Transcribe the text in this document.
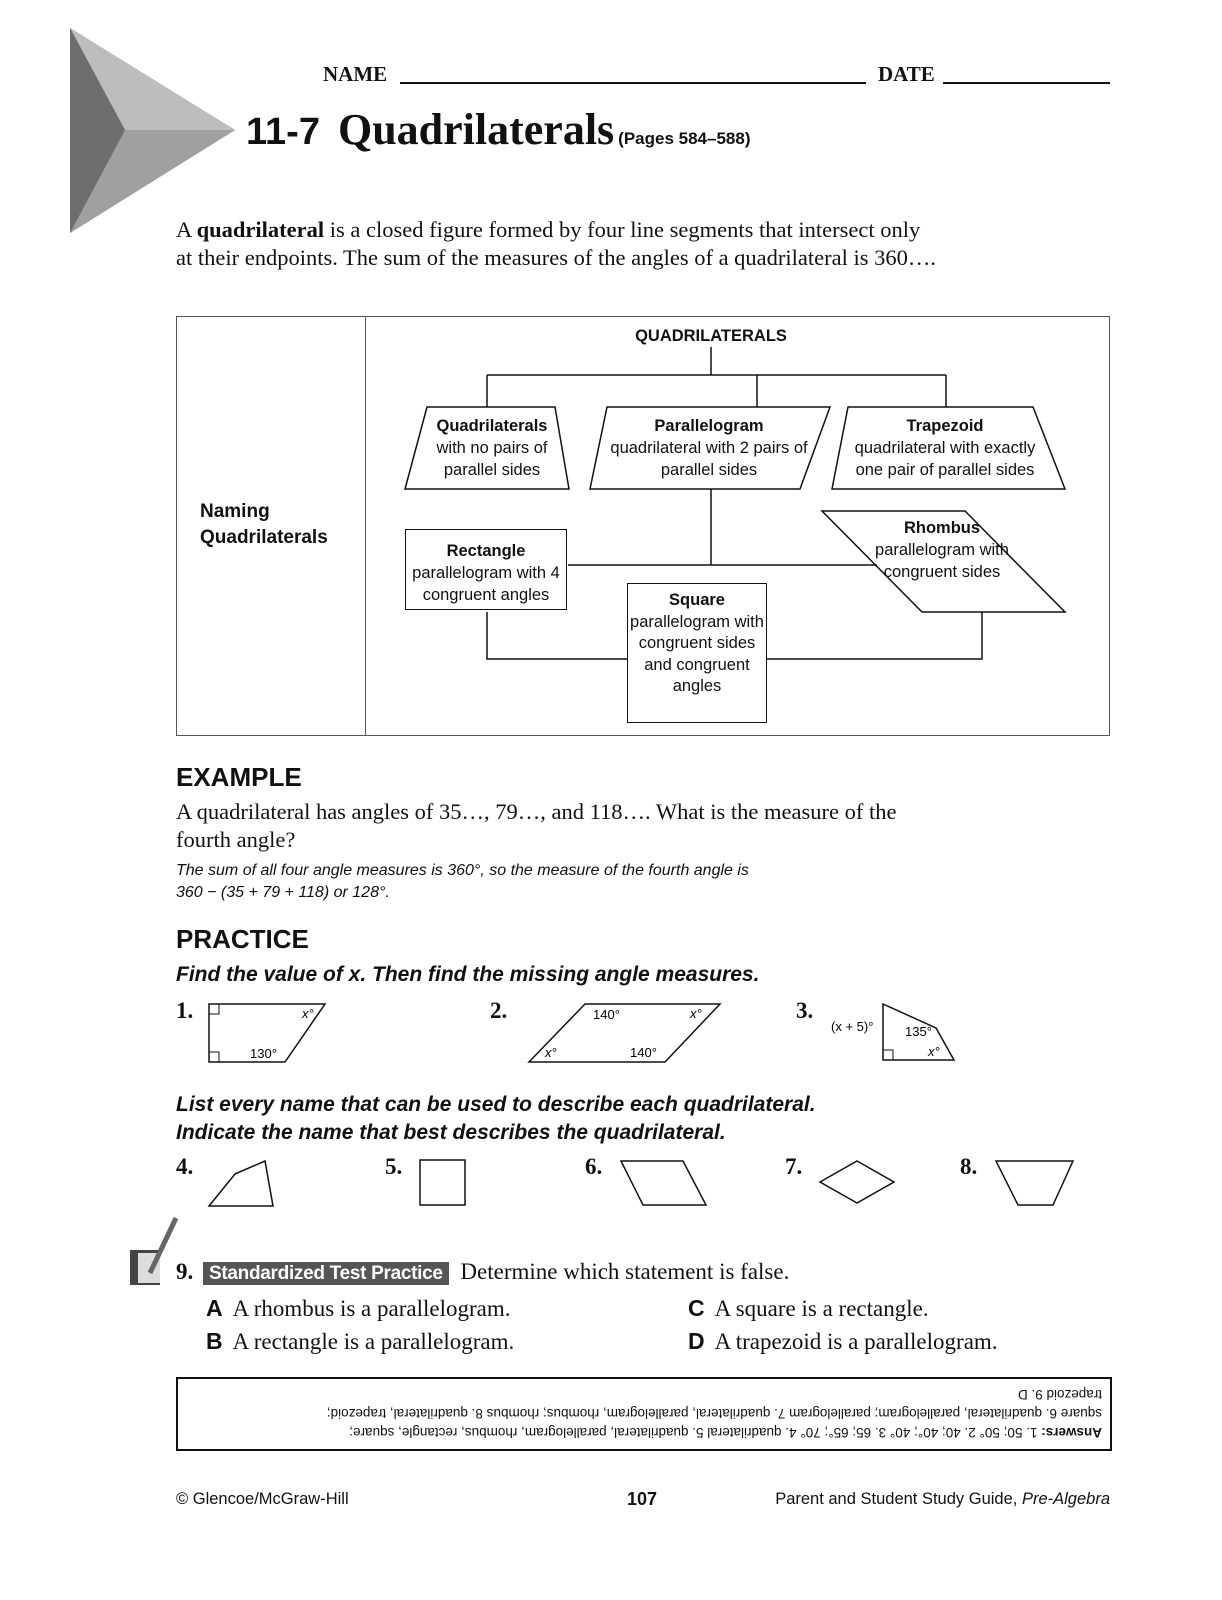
NAME	DATE
11-7 Quadrilaterals (Pages 584–588)

A quadrilateral is a closed figure formed by four line segments that intersect only at their endpoints. The sum of the measures of the angles of a quadrilateral is 360….

Naming Quadrilaterals
QUADRILATERALS
Quadrilaterals
with no pairs of parallel sides
Parallelogram
quadrilateral with 2 pairs of parallel sides
Trapezoid
quadrilateral with exactly one pair of parallel sides
Rectangle
parallelogram with 4 congruent angles
Rhombus
parallelogram with congruent sides
Square
parallelogram with congruent sides and congruent angles
EXAMPLE

A quadrilateral has angles of 35…, 79…, and 118…. What is the measure of the fourth angle?

The sum of all four angle measures is 360°, so the measure of the fourth angle is
360 − (35 + 79 + 118) or 128°.

PRACTICE

Find the value of x. Then find the missing angle measures.

1.	x°
130°
2.	140°	x°
x°	140°
3.
(x + 5)° 135°
x°

List every name that can be used to describe each quadrilateral.
Indicate the name that best describes the quadrilateral.

4.	5.	6.	7.	8.
9. Standardized Test Practice Determine which statement is false.
A A rhombus is a parallelogram.
B A rectangle is a parallelogram.
C A square is a rectangle.
D A trapezoid is a parallelogram.
Answers: 1. 50; 50° 2. 40; 40°; 40° 3. 65; 65°; 70° 4. quadrilateral 5. quadrilateral, parallelogram, rhombus, rectangle, square;
square 6. quadrilateral, parallelogram; parallelogram 7. quadrilateral, parallelogram, rhombus; rhombus 8. quadrilateral, trapezoid;
trapezoid 9. D
© Glencoe/McGraw-Hill	107	Parent and Student Study Guide, Pre-Algebra
